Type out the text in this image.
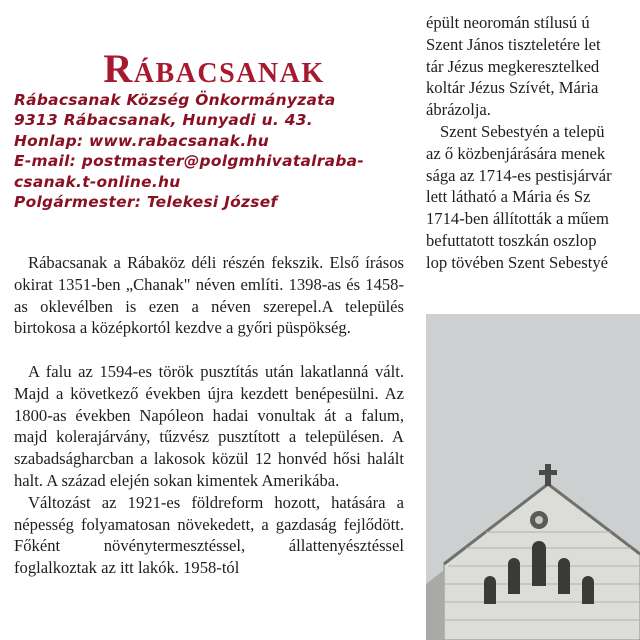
Rábacsanak
Rábacsanak Község Önkormányzata
9313 Rábacsanak, Hunyadi u. 43.
Honlap: www.rabacsanak.hu
E-mail: postmaster@polgmhivatalrabа-
csanak.t-online.hu
Polgármester: Telekesi József

Rábacsanak a Rábaköz déli részén fekszik. Első írásos okirat 1351-ben „Chanak" néven említi. 1398-as és 1458-as oklevélben is ezen a néven szerepel.A település birtokosa a középkortól kezdve a győri püspökség.

A falu az 1594-es török pusztítás után lakatlanná vált. Majd a következő években újra kezdett benépesülni. Az 1800-as években Napóleon hadai vonultak át a falum, majd kolerajárvány, tűzvész pusztított a településen. A szabadságharcban a lakosok közül 12 honvéd hősi halált halt. A század elején sokan kimentek Amerikába.

Változást az 1921-es földreform hozott, hatására a népesség folyamatosan növekedett, a gazdaság fejlődött. Főként növénytermesztéssel, állattenyésztéssel foglalkoztak az itt lakók. 1958-tól

épült neoromán stílusú ú

Szent János tiszteletére let

tár Jézus megkeresztelked

koltár Jézus Szívét, Mária

ábrázolja.

Szent Sebestyén a telepü

az ő közbenjárására menek

sága az 1714-es pestisjárvár

lett látható a Mária és Sz

1714-ben állították a műem

befuttatott toszkán oszlop

lop tövében Szent Sebestyé
